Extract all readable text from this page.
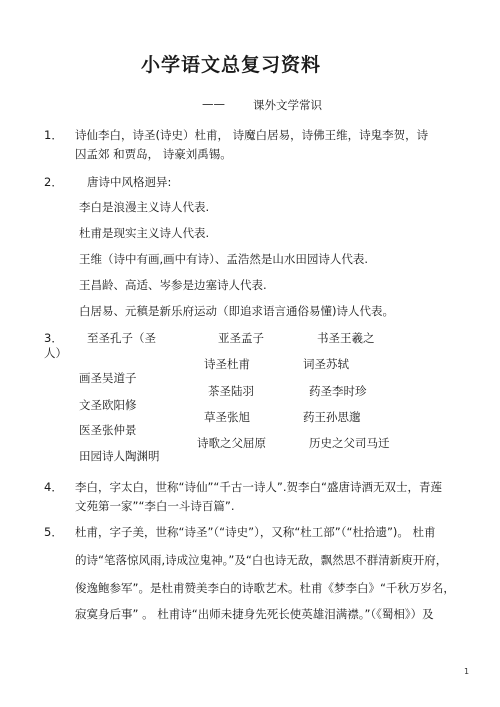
小学语文总复习资料
—— 课外文学常识
1． 诗仙李白，诗圣(诗史）杜甫， 诗魔白居易，诗佛王维，诗鬼李贺，诗
囚孟郊 和贾岛， 诗豪刘禹锡。
2． 唐诗中风格迥异:
李白是浪漫主义诗人代表.
杜甫是现实主义诗人代表.
王维（诗中有画,画中有诗）、孟浩然是山水田园诗人代表.
王昌龄、高适、岑参是边塞诗人代表.
白居易、元稹是新乐府运动（即追求语言通俗易懂)诗人代表。
3． 至圣孔子（圣
人）
亚圣孟子	书圣王羲之
画圣吴道子
文圣欧阳修
医圣张仲景
田园诗人陶渊明
诗圣杜甫
茶圣陆羽
草圣张旭
诗歌之父屈原
词圣苏轼
药圣李时珍
药王孙思邈
历史之父司马迁
4． 李白，字太白，世称“诗仙”“千古一诗人”.贺李白“盛唐诗酒无双士，青莲
文苑第一家”“李白一斗诗百篇”.
5． 杜甫，字子美，世称“诗圣”（“诗史”），又称“杜工部”（“杜拾遗”)。 杜甫
的诗“笔落惊风雨,诗成泣鬼神。”及“白也诗无敌，飘然思不群清新庾开府，
俊逸鲍参军”。是杜甫赞美李白的诗歌艺术。杜甫《梦李白》“千秋万岁名，
寂寞身后事” 。 杜甫诗“出师未捷身先死长使英雄泪满襟。”（《蜀相》）及
1
